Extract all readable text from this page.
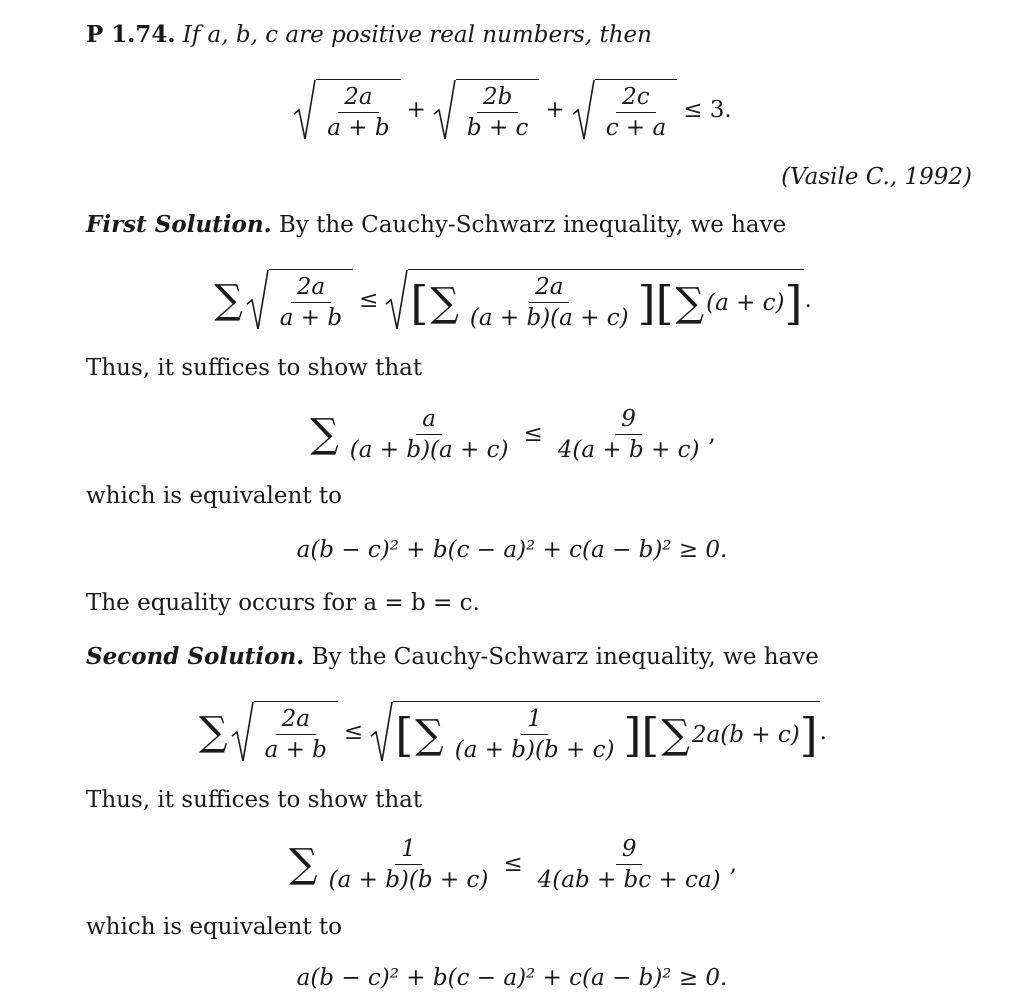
P 1.74. If a, b, c are positive real numbers, then
$\frac{2a}{a + b} + \frac{2b}{b + c} + \frac{2c}{c + a} \le 3$.
(Vasile C., 1992)
First Solution. By the Cauchy-Schwarz inequality, we have
∑ $\frac{2a}{a + b}$ ≤ [ ∑ $\frac{2a}{(a + b)(a + c)}$ ][ ∑ (a + c) ] .
Thus, it suffices to show that
∑ $\frac{a}{(a + b)(a + c)} \le \frac{9}{4(a + b + c)}$ ,
which is equivalent to
a(b − c)² + b(c − a)² + c(a − b)² ≥ 0.
The equality occurs for a = b = c.
Second Solution. By the Cauchy-Schwarz inequality, we have
∑ $\frac{2a}{a + b}$ ≤ [ ∑ $\frac{1}{(a + b)(b + c)}$ ][ ∑ 2a(b + c) ] .
Thus, it suffices to show that
∑ $\frac{1}{(a + b)(b + c)} \le \frac{9}{4(ab + bc + ca)}$ ,
which is equivalent to
a(b − c)² + b(c − a)² + c(a − b)² ≥ 0.
